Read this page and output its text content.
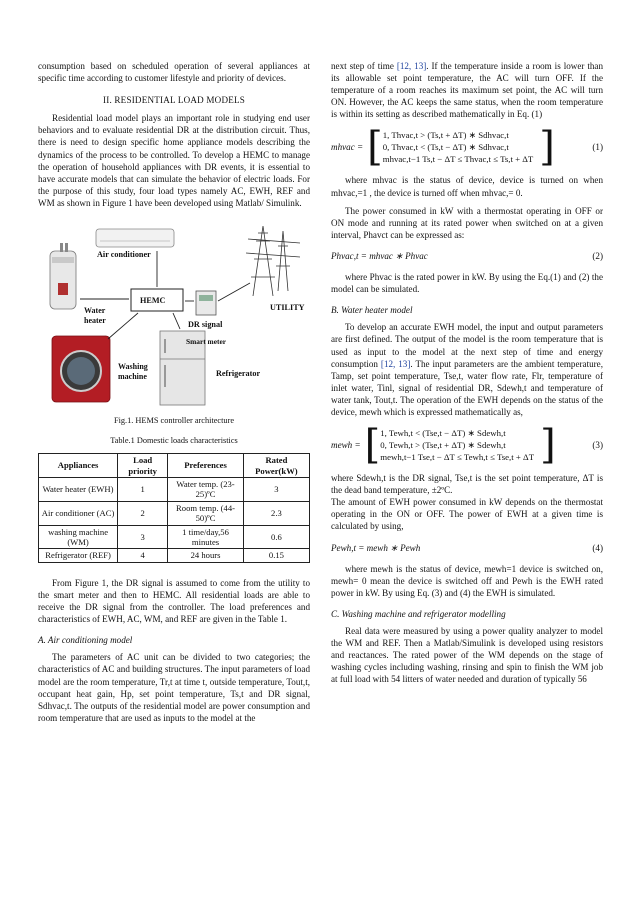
consumption based on scheduled operation of several appliances at specific time according to customer lifestyle and priority of devices.

II. RESIDENTIAL LOAD MODELS

Residential load model plays an important role in studying end user behaviors and to evaluate residential DR at the distribution circuit. Thus, there is need to design specific home appliance models describing the dynamics of the process to be controlled. To develop a HEMC to manage the operation of household appliances with DR events, it is essential to have accurate models that can simulate the behavior of electric loads. For the purpose of this study, four load types namely AC, EWH, REF and WM as shown in Figure 1 have been developed using Matlab/ Simulink.

Air conditioner
UTILITY
HEMC
DR signal
Smart meter
Refrigerator
Water heater
Washing machine
Fig.1. HEMS controller architecture
Table.1 Domestic loads characteristics
Appliances	Load priority	Preferences	Rated Power(kW)
Water heater (EWH)	1	Water temp. (23-25)ºC	3
Air conditioner (AC)	2	Room temp. (44-50)ºC	2.3
washing machine (WM)	3	1 time/day,56 minutes	0.6
Refrigerator (REF)	4	24 hours	0.15

From Figure 1, the DR signal is assumed to come from the utility to the smart meter and then to HEMC. All residential loads are able to receive the DR signal from the controller. The load preferences and characteristics of EWH, AC, WM, and REF are given in the Table 1.

A. Air conditioning model

The parameters of AC unit can be divided to two categories; the characteristics of AC and building structures. The input parameters of load model are the room temperature, Tr,t at time t, outside temperature, Tout,t, occupant heat gain, Hp, set point temperature, Ts,t and DR signal, Sdhvac,t. The outputs of the residential model are power consumption and room temperature that are used as inputs to the model at the

next step of time [12, 13]. If the temperature inside a room is lower than its allowable set point temperature, the AC will turn OFF. If the temperature of a room reaches its maximum set point, the AC will turn ON. However, the AC keeps the same status, when the room temperature is within its setting as described mathematically in Eq. (1)

mhvac = [ 1, Thvac,t > (Ts,t + ΔT) ∗ Sdhvac,t
0, Thvac,t < (Ts,t − ΔT) ∗ Sdhvac,t
mhvac,t−1 Ts,t − ΔT ≤ Thvac,t ≤ Ts,t + ΔT ]	(1)

where mhvac is the status of device, device is turned on when mhvac,=1 , the device is turned off when mhvac,= 0.

The power consumed in kW with a thermostat operating in OFF or ON mode and running at its rated power when switched on at a given interval, Phavct can be expressed as:

Phvac,t = mhvac ∗ Phvac	(2)

where Phvac is the rated power in kW. By using the Eq.(1) and (2) the model can be simulated.

B. Water heater model

To develop an accurate EWH model, the input and output parameters are first defined. The output of the model is the room temperature that is used as input to the model at the next step of time and energy consumption [12, 13]. The input parameters are the ambient temperature, Tamp, set point temperature, Tse,t, water flow rate, Flr, temperature of inlet water, Tinl, signal of residential DR, Sdewh,t and temperature of water tank, Tout,t. The operation of the EWH depends on the status of the device, mewh which is expressed mathematically as,

mewh = [ 1, Tewh,t < (Tse,t − ΔT) ∗ Sdewh,t
0, Tewh,t > (Tse,t + ΔT) ∗ Sdewh,t
mewh,t−1 Tse,t − ΔT ≤ Tewh,t ≤ Tse,t + ΔT ]	(3)

where Sdewh,t is the DR signal, Tse,t is the set point temperature, ΔT is the dead band temperature, ±2ºC.

The amount of EWH power consumed in kW depends on the thermostat operating in the ON or OFF. The power of EWH at a given time is calculated by using,

Pewh,t = mewh ∗ Pewh	(4)

where mewh is the status of device, mewh=1 device is switched on, mewh= 0 mean the device is switched off and Pewh is the EWH rated power in kW. By using Eq. (3) and (4) the EWH is simulated.

C. Washing machine and refrigerator modelling

Real data were measured by using a power quality analyzer to model the WM and REF. Then a Matlab/Simulink is developed using resistors and reactances. The rated power of the WM depends on the stage of washing cycles including washing, rinsing and spin to finish the WM job at full load with 54 litters of water needed and duration of typically 56
